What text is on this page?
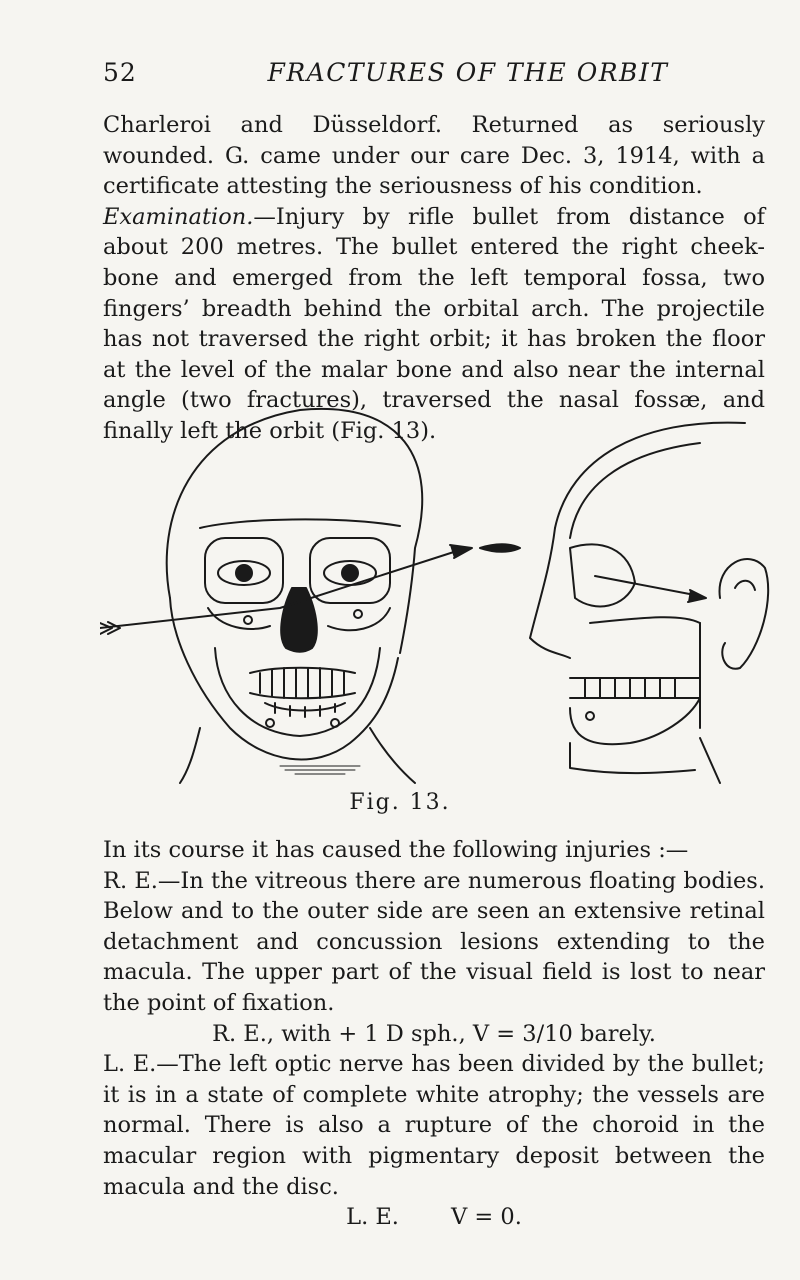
52	FRACTURES OF THE ORBIT

Charleroi and Düsseldorf. Returned as seriously wounded. G. came under our care Dec. 3, 1914, with a certificate attesting the seriousness of his condition.

Examination.—Injury by rifle bullet from distance of about 200 metres. The bullet entered the right cheek-bone and emerged from the left temporal fossa, two fingers’ breadth behind the orbital arch. The projectile has not traversed the right orbit; it has broken the floor at the level of the malar bone and also near the internal angle (two fractures), traversed the nasal fossæ, and finally left the orbit (Fig. 13).

Fig. 13.

In its course it has caused the following injuries :—

R. E.—In the vitreous there are numerous floating bodies. Below and to the outer side are seen an extensive retinal detachment and concussion lesions extending to the macula. The upper part of the visual field is lost to near the point of fixation.

R. E., with + 1 D sph., V = 3/10 barely.

L. E.—The left optic nerve has been divided by the bullet; it is in a state of complete white atrophy; the vessels are normal. There is also a rupture of the choroid in the macular region with pigmentary deposit between the macula and the disc.

L. E. V = 0.
